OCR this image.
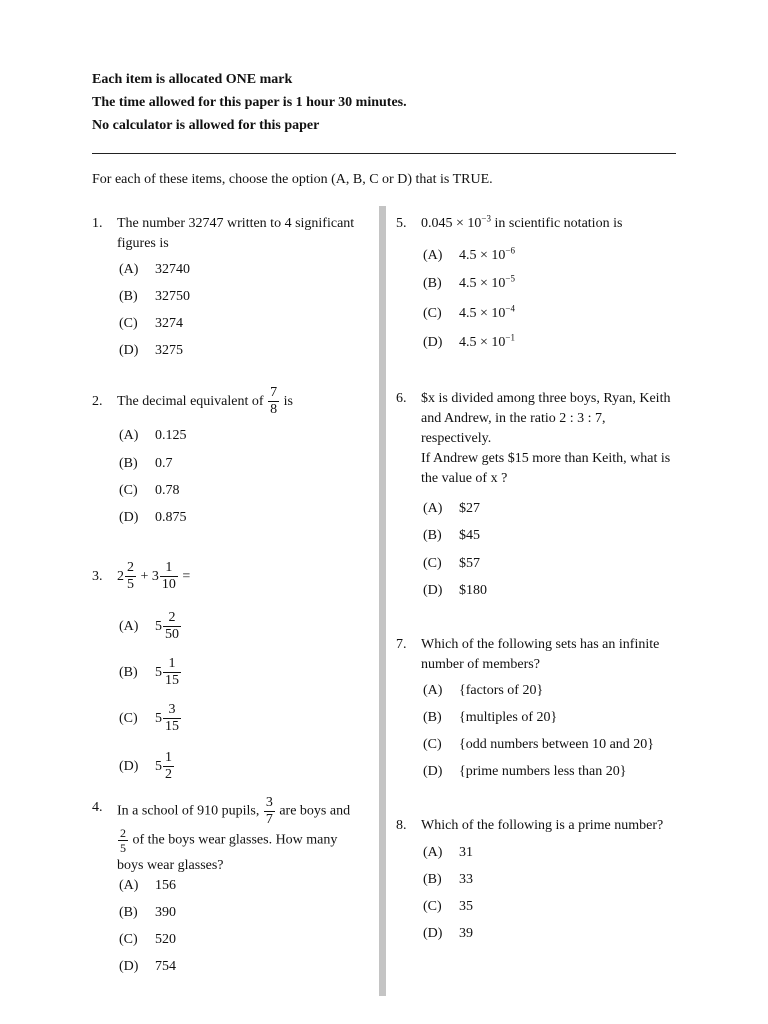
Each item is allocated ONE mark
The time allowed for this paper is 1 hour 30 minutes.
No calculator is allowed for this paper
For each of these items, choose the option (A, B, C or D) that is TRUE.
1. The number 32747 written to 4 significant figures is
(A) 32740
(B) 32750
(C) 3274
(D) 3275
2. The decimal equivalent of $\frac{7}{8}$ is
(A) 0.125
(B) 0.7
(C) 0.78
(D) 0.875
3. $2 \frac{2}{5} + 3 \frac{1}{10}$ =
(A) $5 \frac{2}{50}$
(B) $5 \frac{1}{15}$
(C) $5 \frac{3}{15}$
(D) $5 \frac{1}{2}$
4. In a school of 910 pupils, $\frac{3}{7}$ are boys and
$\frac{2}{5}$ of the boys wear glasses. How many boys wear glasses?
(A) 156
(B) 390
(C) 520
(D) 754
5. $0.045 \times 10^{-3}$ in scientific notation is
(A) $4.5 \times 10^{-6}$
(B) $4.5 \times 10^{-5}$
(C) $4.5 \times 10^{-4}$
(D) $4.5 \times 10^{-1}$
6. $x is divided among three boys, Ryan, Keith and Andrew, in the ratio 2 : 3 : 7, respectively.
If Andrew gets $15 more than Keith, what is the value of x ?
(A) $27
(B) $45
(C) $57
(D) $180
7. Which of the following sets has an infinite number of members?
(A) {factors of 20}
(B) {multiples of 20}
(C) {odd numbers between 10 and 20}
(D) {prime numbers less than 20}
8. Which of the following is a prime number?
(A) 31
(B) 33
(C) 35
(D) 39
